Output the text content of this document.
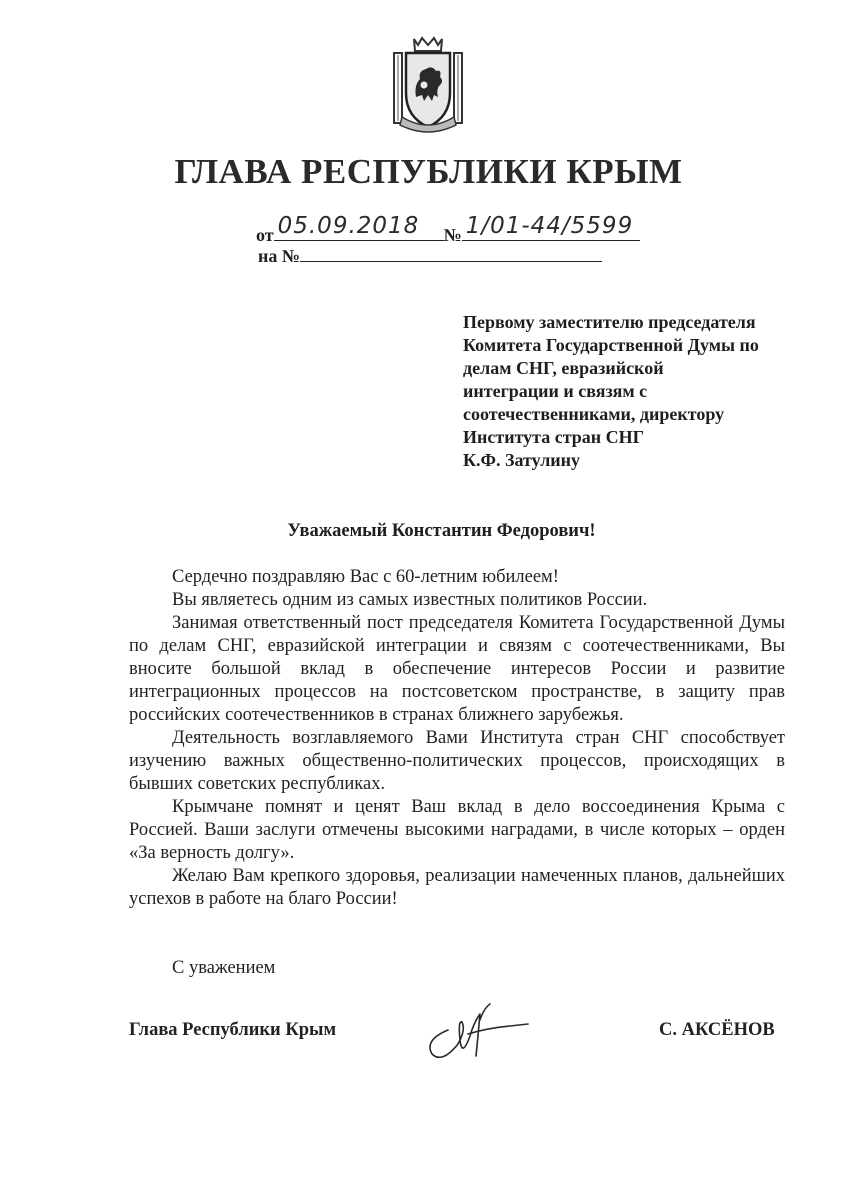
ГЛАВА РЕСПУБЛИКИ КРЫМ
от 05.09.2018 № 1/01-44/5599
на №
Первому заместителю председателя
Комитета Государственной Думы по
делам СНГ, евразийской
интеграции и связям с
соотечественниками, директору
Института стран СНГ
К.Ф. Затулину
Уважаемый Константин Федорович!

Сердечно поздравляю Вас с 60-летним юбилеем!

Вы являетесь одним из самых известных политиков России.

Занимая ответственный пост председателя Комитета Государственной Думы по делам СНГ, евразийской интеграции и связям с соотечественниками, Вы вносите большой вклад в обеспечение интересов России и развитие интеграционных процессов на постсоветском пространстве, в защиту прав российских соотечественников в странах ближнего зарубежья.

Деятельность возглавляемого Вами Института стран СНГ способствует изучению важных общественно-политических процессов, происходящих в бывших советских республиках.

Крымчане помнят и ценят Ваш вклад в дело воссоединения Крыма с Россией. Ваши заслуги отмечены высокими наградами, в числе которых – орден «За верность долгу».

Желаю Вам крепкого здоровья, реализации намеченных планов, дальнейших успехов в работе на благо России!

С уважением
Глава Республики Крым	С. АКСЁНОВ
